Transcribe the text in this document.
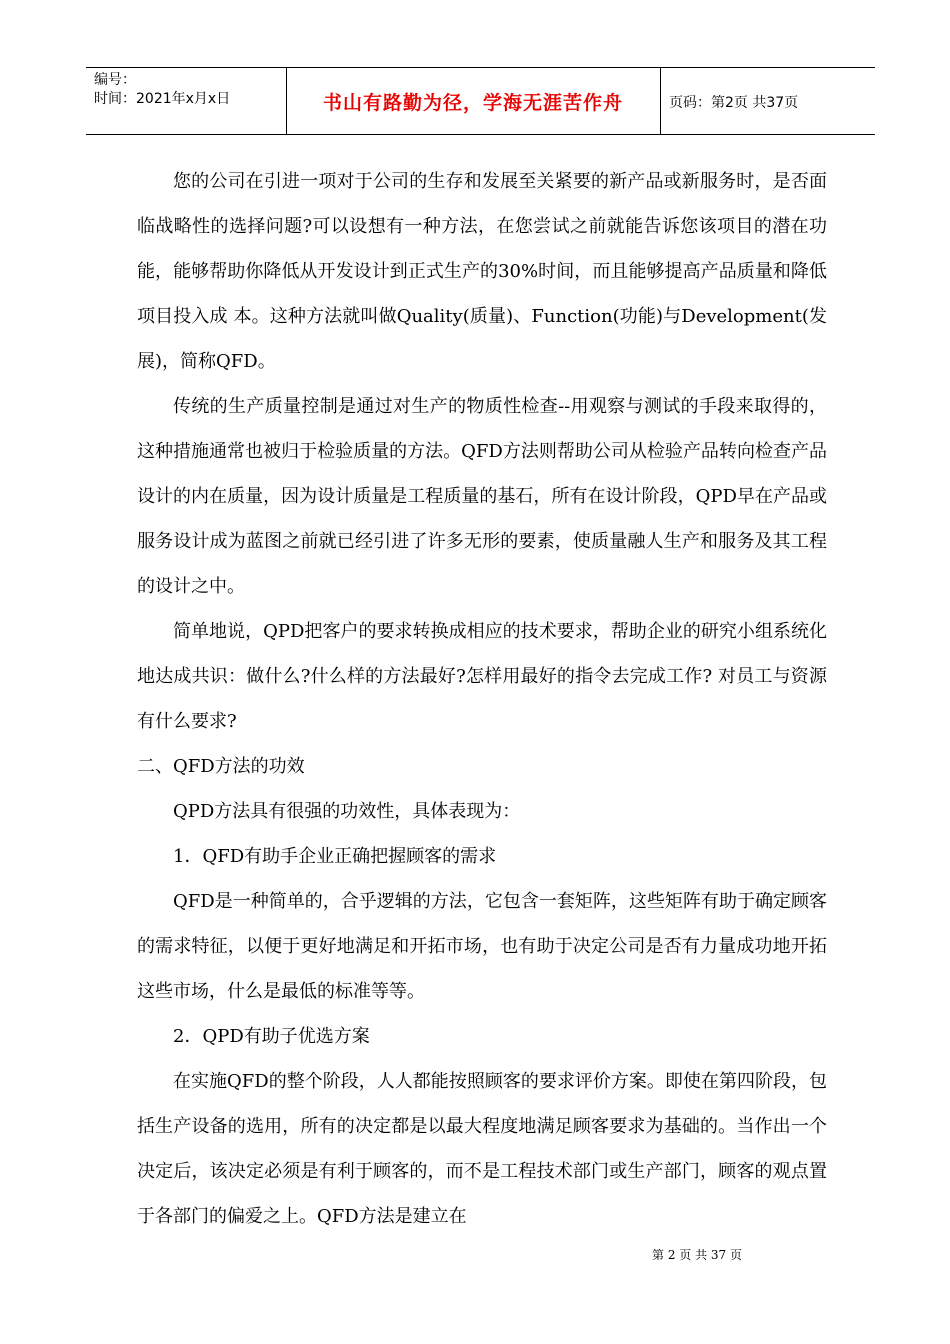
编号：
时间：2021年x月x日	书山有路勤为径，学海无涯苦作舟	页码：第2页 共37页

您的公司在引进一项对于公司的生存和发展至关紧要的新产品或新服务时，是否面临战略性的选择问题?可以设想有一种方法，在您尝试之前就能告诉您该项目的潜在功能，能够帮助你降低从开发设计到正式生产的30%时间，而且能够提高产品质量和降低项目投入成 本。这种方法就叫做Quality(质量)、Function(功能)与Development(发展)，简称QFD。

传统的生产质量控制是通过对生产的物质性检查--用观察与测试的手段来取得的，这种措施通常也被归于检验质量的方法。QFD方法则帮助公司从检验产品转向检查产品设计的内在质量，因为设计质量是工程质量的基石，所有在设计阶段，QPD早在产品或服务设计成为蓝图之前就已经引进了许多无形的要素，使质量融人生产和服务及其工程的设计之中。

简单地说，QPD把客户的要求转换成相应的技术要求，帮助企业的研究小组系统化地达成共识：做什么?什么样的方法最好?怎样用最好的指令去完成工作? 对员工与资源有什么要求?

二、QFD方法的功效

QPD方法具有很强的功效性，具体表现为：

1．QFD有助手企业正确把握顾客的需求

QFD是一种简单的，合乎逻辑的方法，它包含一套矩阵，这些矩阵有助于确定顾客的需求特征，以便于更好地满足和开拓市场，也有助于决定公司是否有力量成功地开拓这些市场，什么是最低的标准等等。

2．QPD有助子优选方案

在实施QFD的整个阶段，人人都能按照顾客的要求评价方案。即使在第四阶段，包括生产设备的选用，所有的决定都是以最大程度地满足顾客要求为基础的。当作出一个决定后，该决定必须是有利于顾客的，而不是工程技术部门或生产部门，顾客的观点置于各部门的偏爱之上。QFD方法是建立在

第 2 页 共 37 页
